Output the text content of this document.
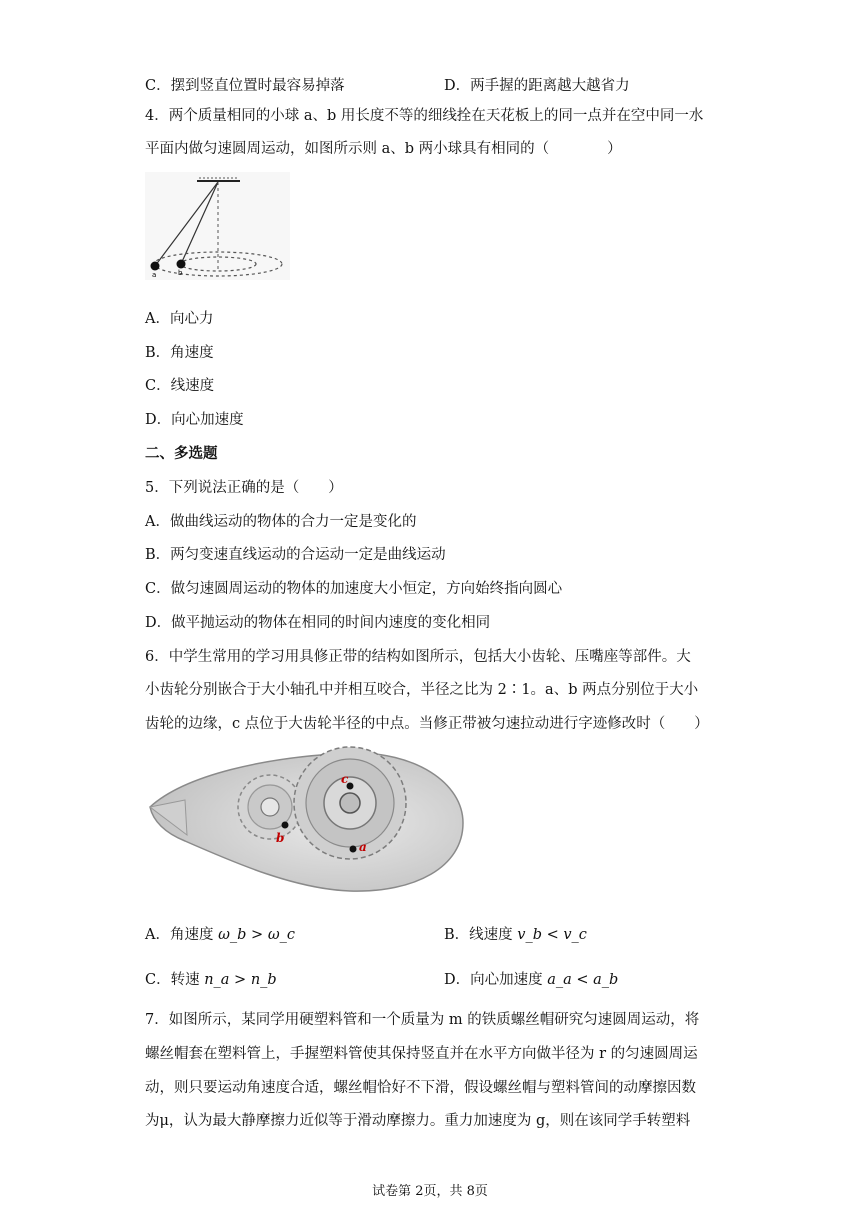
C．摆到竖直位置时最容易掉落	D．两手握的距离越大越省力
4．两个质量相同的小球 a、b 用长度不等的细线拴在天花板上的同一点并在空中同一水
平面内做匀速圆周运动，如图所示则 a、b 两小球具有相同的（　　　　）
a	b
A．向心力
B．角速度
C．线速度
D．向心加速度
二、多选题
5．下列说法正确的是（　　）
A．做曲线运动的物体的合力一定是变化的
B．两匀变速直线运动的合运动一定是曲线运动
C．做匀速圆周运动的物体的加速度大小恒定，方向始终指向圆心
D．做平抛运动的物体在相同的时间内速度的变化相同
6．中学生常用的学习用具修正带的结构如图所示，包括大小齿轮、压嘴座等部件。大
小齿轮分别嵌合于大小轴孔中并相互咬合，半径之比为 2∶1。a、b 两点分别位于大小
齿轮的边缘，c 点位于大齿轮半径的中点。当修正带被匀速拉动进行字迹修改时（　　）
c
b
a
A．角速度 ω_b > ω_c	B．线速度 v_b < v_c
C．转速 n_a > n_b	D．向心加速度 a_a < a_b
7．如图所示，某同学用硬塑料管和一个质量为 m 的铁质螺丝帽研究匀速圆周运动，将
螺丝帽套在塑料管上，手握塑料管使其保持竖直并在水平方向做半径为 r 的匀速圆周运
动，则只要运动角速度合适，螺丝帽恰好不下滑，假设螺丝帽与塑料管间的动摩擦因数
为μ，认为最大静摩擦力近似等于滑动摩擦力。重力加速度为 g，则在该同学手转塑料
试卷第 2页，共 8页
